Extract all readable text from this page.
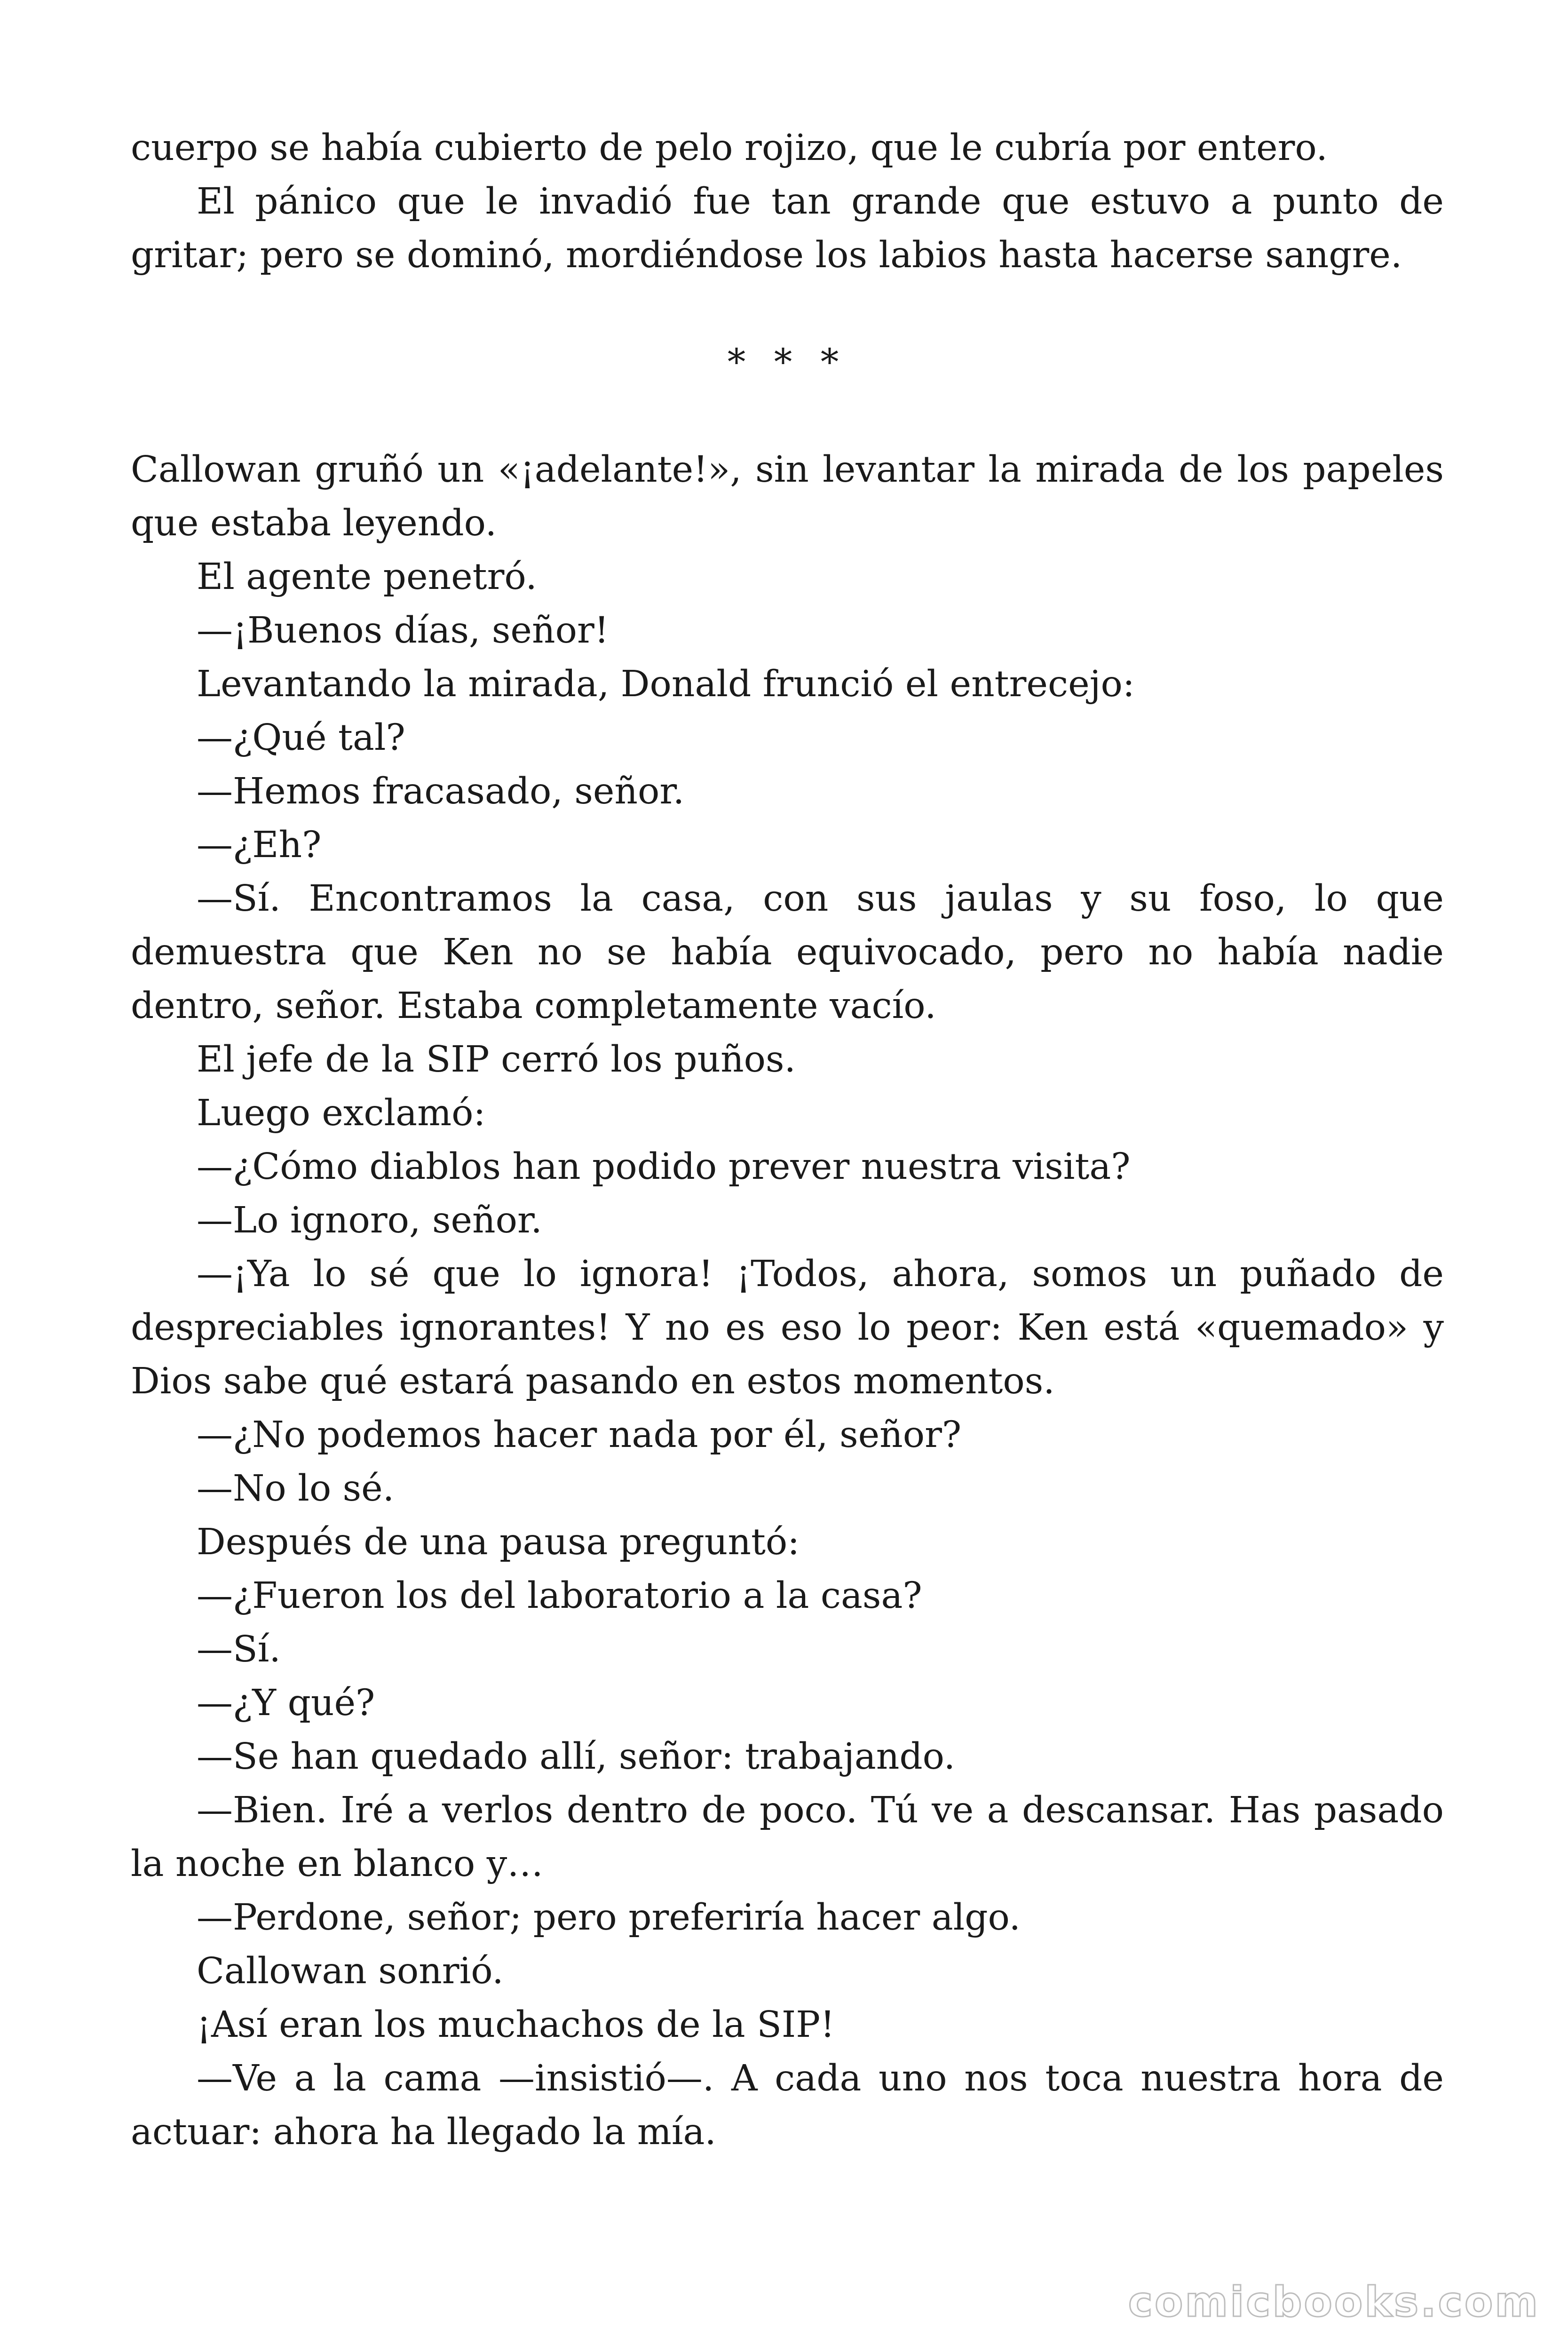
cuerpo se había cubierto de pelo rojizo, que le cubría por entero.

El pánico que le invadió fue tan grande que estuvo a punto de gritar; pero se dominó, mordiéndose los labios hasta hacerse sangre.

* * *

Callowan gruñó un «¡adelante!», sin levantar la mirada de los papeles que estaba leyendo.

El agente penetró.

—¡Buenos días, señor!

Levantando la mirada, Donald frunció el entrecejo:

—¿Qué tal?

—Hemos fracasado, señor.

—¿Eh?

—Sí. Encontramos la casa, con sus jaulas y su foso, lo que demuestra que Ken no se había equivocado, pero no había nadie dentro, señor. Estaba completamente vacío.

El jefe de la SIP cerró los puños.

Luego exclamó:

—¿Cómo diablos han podido prever nuestra visita?

—Lo ignoro, señor.

—¡Ya lo sé que lo ignora! ¡Todos, ahora, somos un puñado de despreciables ignorantes! Y no es eso lo peor: Ken está «quemado» y Dios sabe qué estará pasando en estos momentos.

—¿No podemos hacer nada por él, señor?

—No lo sé.

Después de una pausa preguntó:

—¿Fueron los del laboratorio a la casa?

—Sí.

—¿Y qué?

—Se han quedado allí, señor: trabajando.

—Bien. Iré a verlos dentro de poco. Tú ve a descansar. Has pasado la noche en blanco y…

—Perdone, señor; pero preferiría hacer algo.

Callowan sonrió.

¡Así eran los muchachos de la SIP!

—Ve a la cama —insistió—. A cada uno nos toca nuestra hora de actuar: ahora ha llegado la mía.

comicbooks.com
